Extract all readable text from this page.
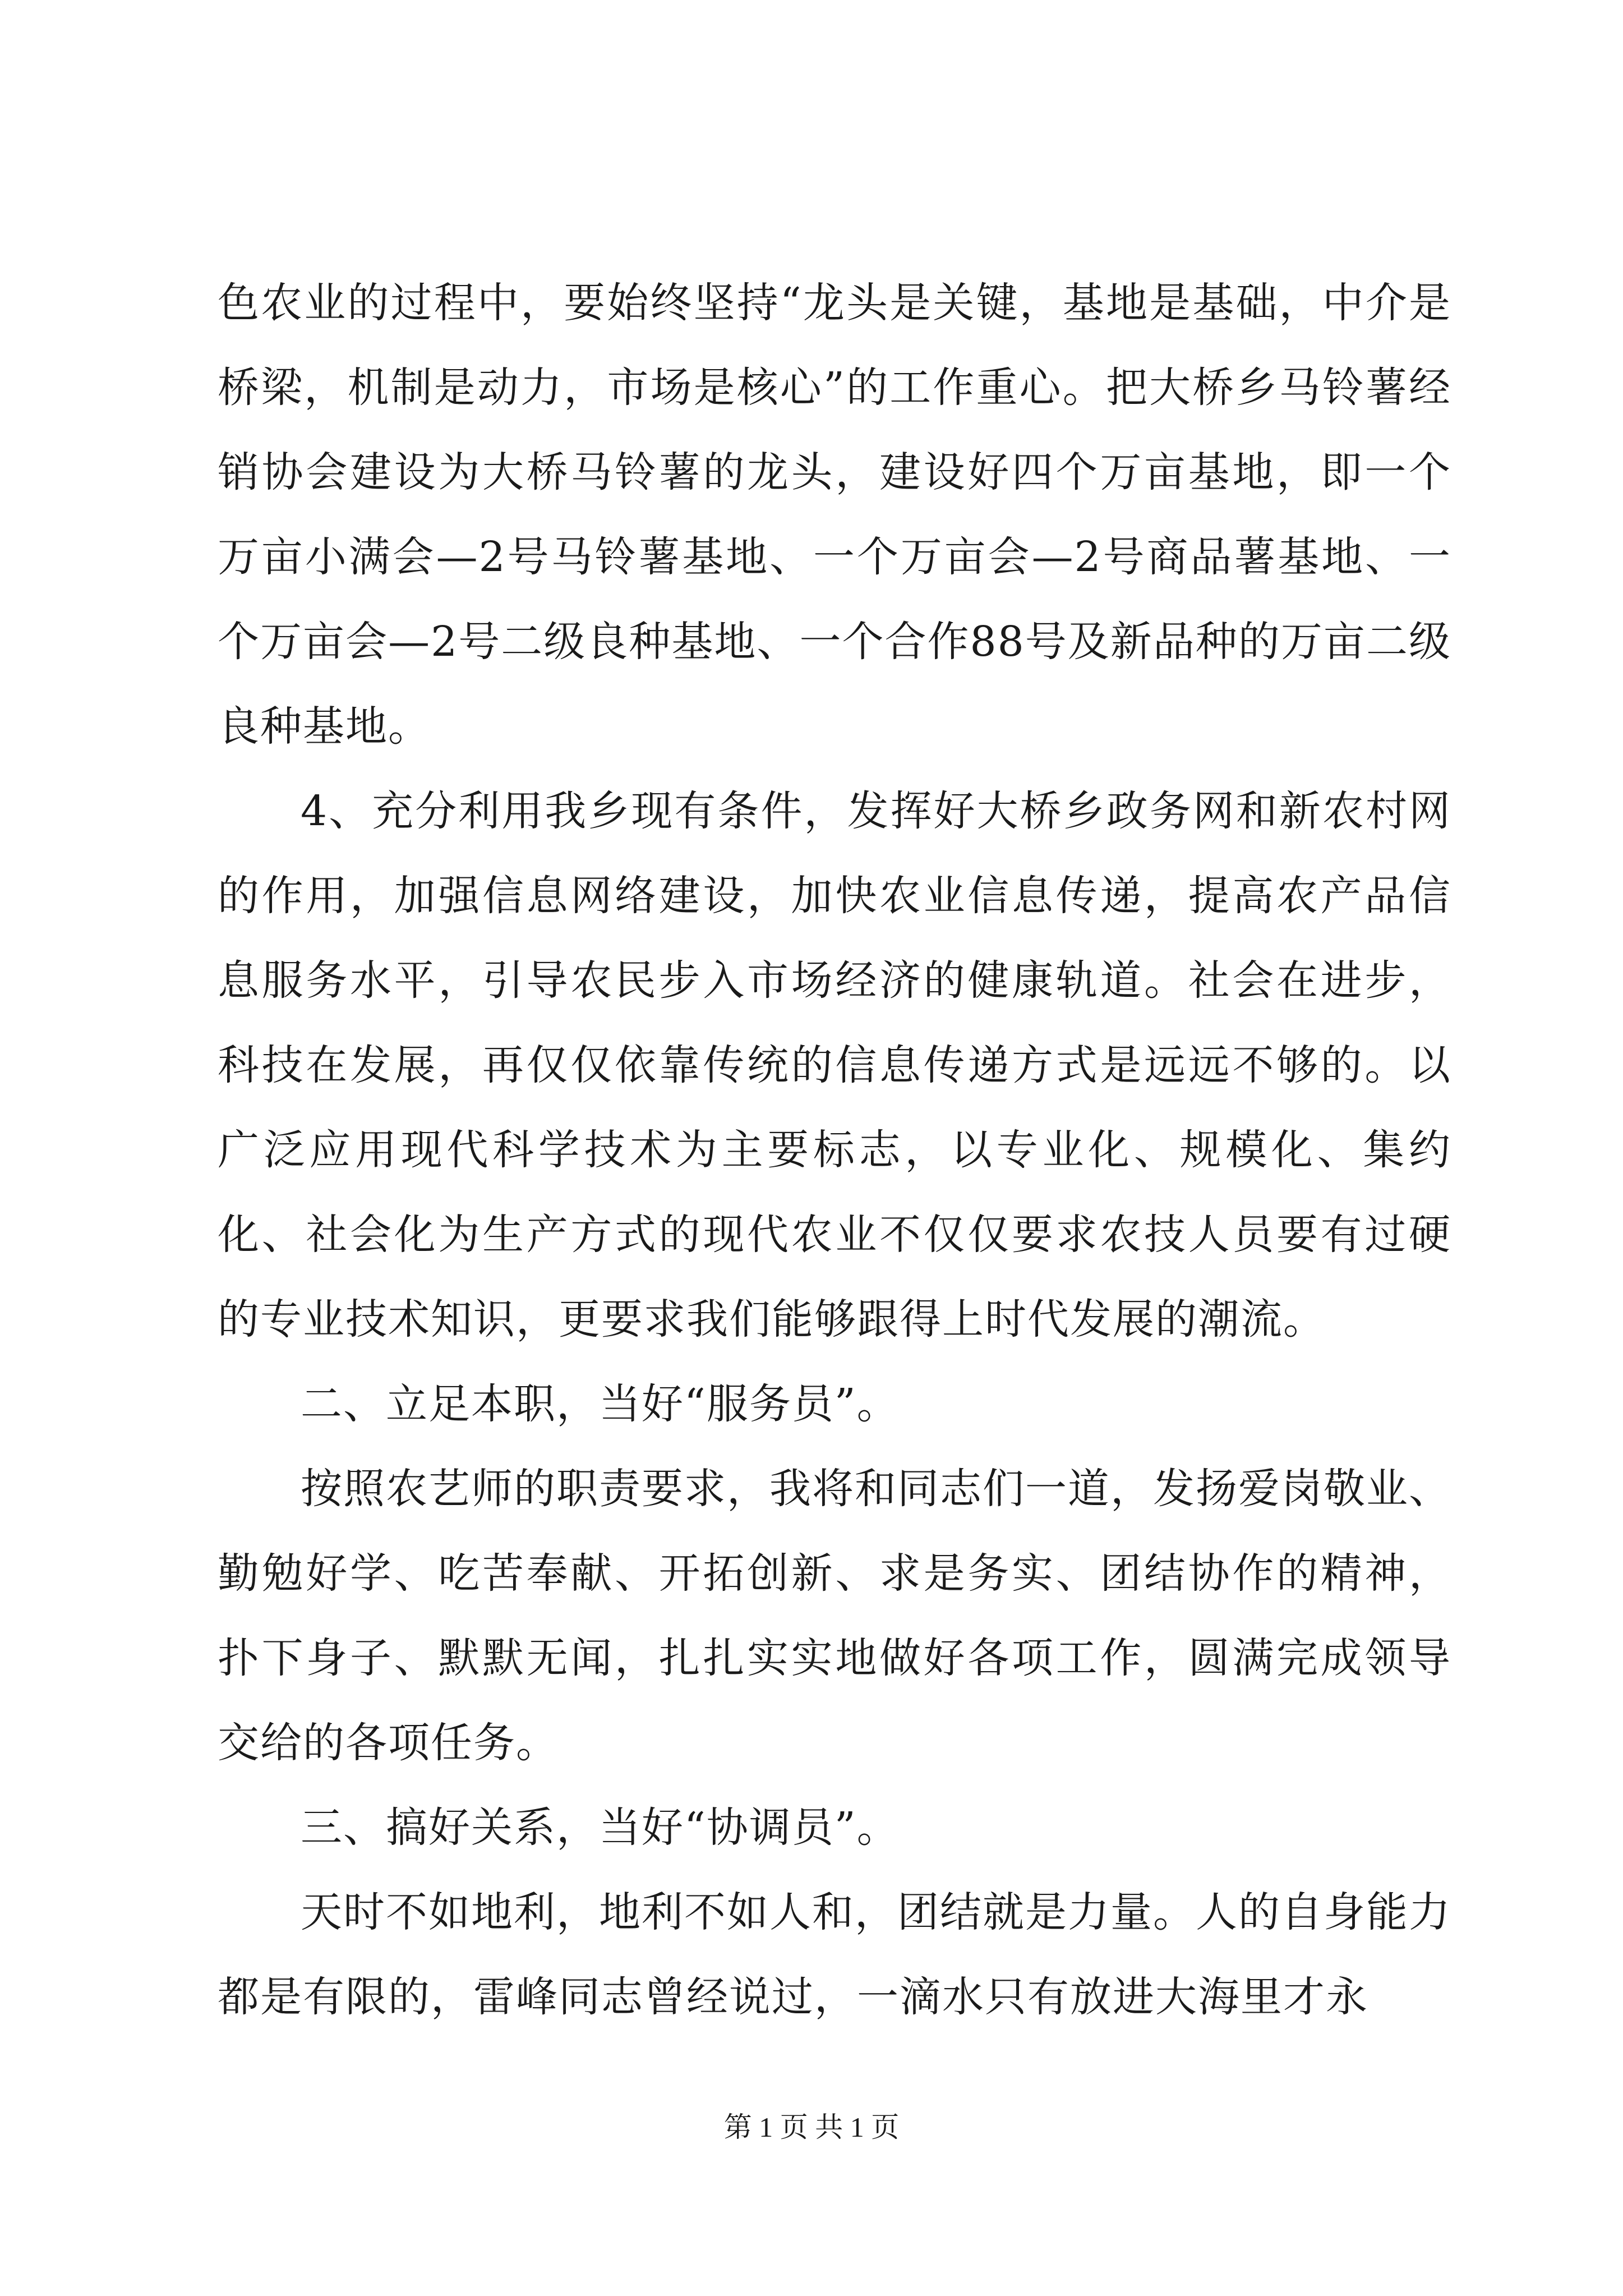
色农业的过程中，要始终坚持“龙头是关键，基地是基础，中介是桥梁，机制是动力，市场是核心”的工作重心。把大桥乡马铃薯经销协会建设为大桥马铃薯的龙头，建设好四个万亩基地，即一个万亩小满会—2号马铃薯基地、一个万亩会—2号商品薯基地、一个万亩会—2号二级良种基地、一个合作88号及新品种的万亩二级良种基地。

4、充分利用我乡现有条件，发挥好大桥乡政务网和新农村网的作用，加强信息网络建设，加快农业信息传递，提高农产品信息服务水平，引导农民步入市场经济的健康轨道。社会在进步，科技在发展，再仅仅依靠传统的信息传递方式是远远不够的。以广泛应用现代科学技术为主要标志，以专业化、规模化、集约化、社会化为生产方式的现代农业不仅仅要求农技人员要有过硬的专业技术知识，更要求我们能够跟得上时代发展的潮流。

二、立足本职，当好“服务员”。

按照农艺师的职责要求，我将和同志们一道，发扬爱岗敬业、勤勉好学、吃苦奉献、开拓创新、求是务实、团结协作的精神，扑下身子、默默无闻，扎扎实实地做好各项工作，圆满完成领导交给的各项任务。

三、搞好关系，当好“协调员”。

天时不如地利，地利不如人和，团结就是力量。人的自身能力都是有限的，雷峰同志曾经说过，一滴水只有放进大海里才永

第 1 页 共 1 页
